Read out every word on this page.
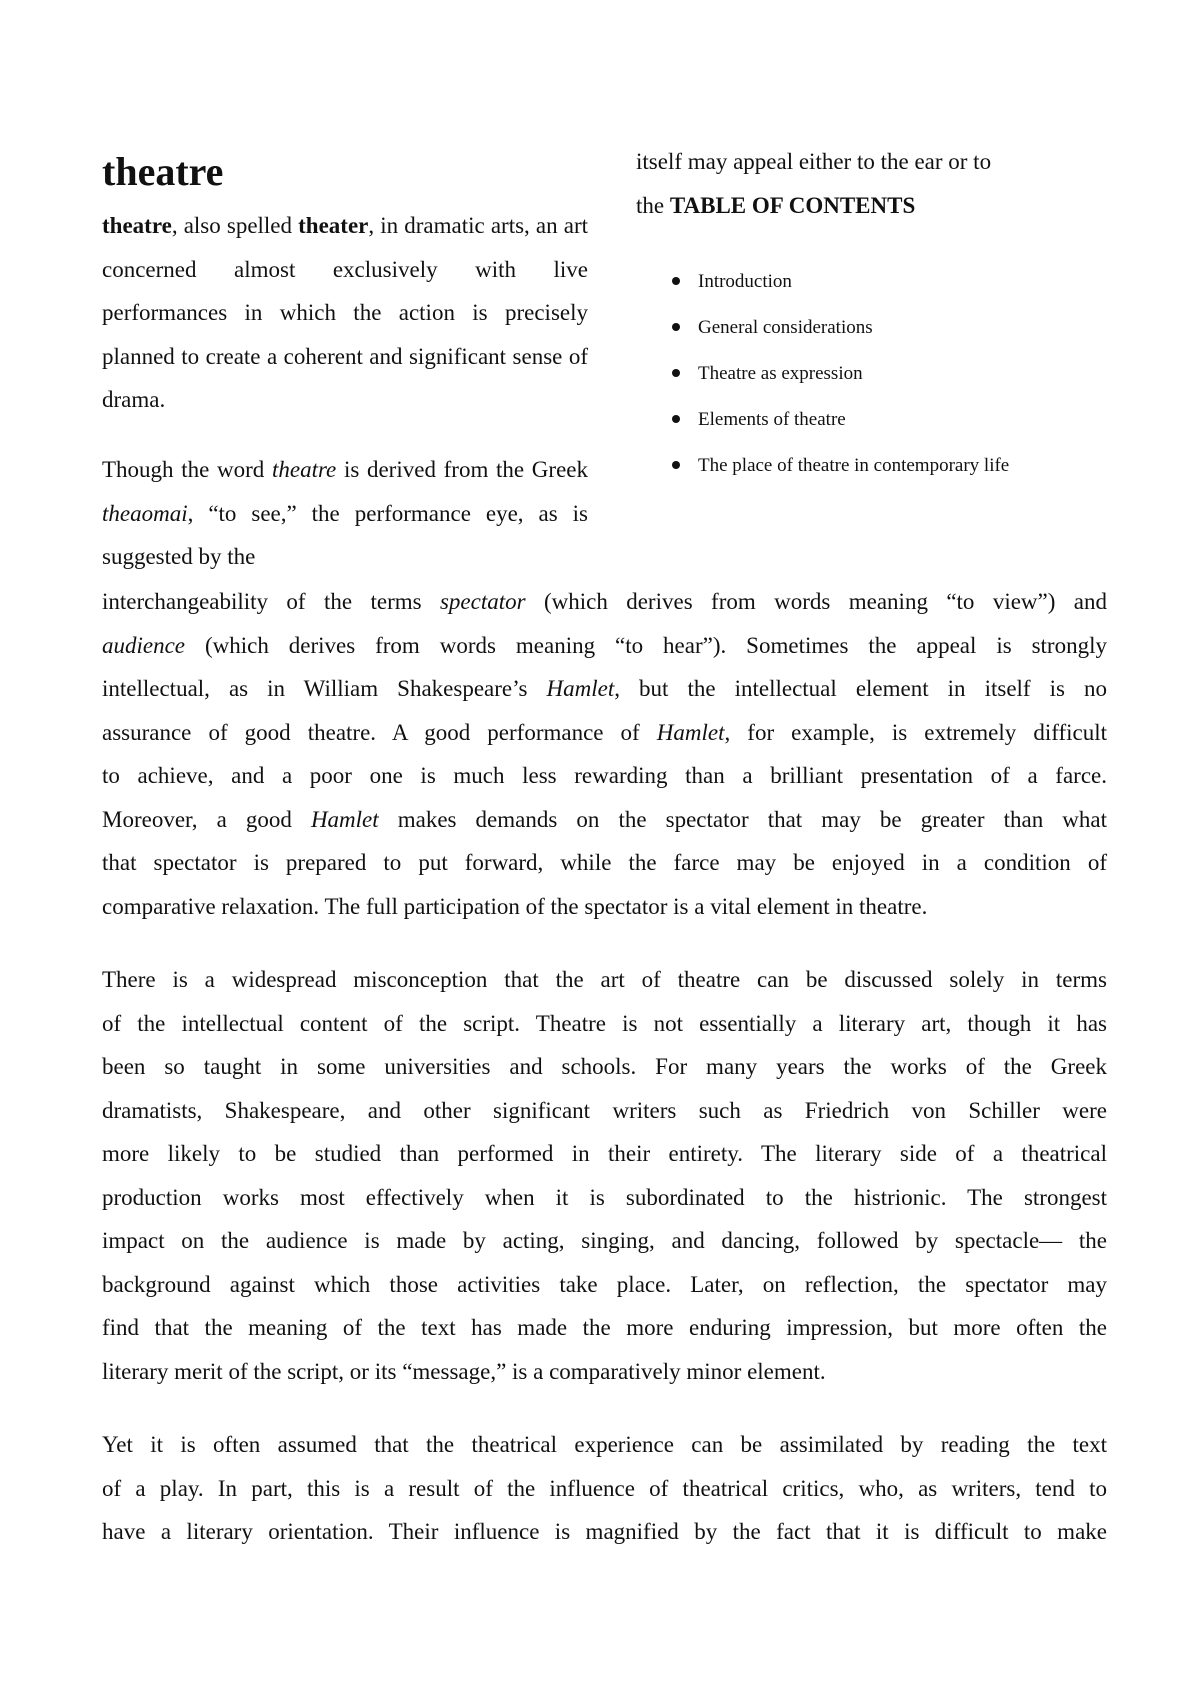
theatre
theatre, also spelled theater, in dramatic arts, an art concerned almost exclusively with live performances in which the action is precisely planned to create a coherent and significant sense of drama.
Though the word theatre is derived from the Greek theaomai, “to see,” the performance eye, as is suggested by the
itself may appeal either to the ear or to
the TABLE OF CONTENTS
Introduction
General considerations
Theatre as expression
Elements of theatre
The place of theatre in contemporary life
interchangeability of the terms spectator (which derives from words meaning “to view”) and
audience (which derives from words meaning “to hear”). Sometimes the appeal is strongly
intellectual, as in William Shakespeare’s Hamlet, but the intellectual element in itself is no
assurance of good theatre. A good performance of Hamlet, for example, is extremely difficult
to achieve, and a poor one is much less rewarding than a brilliant presentation of a farce.
Moreover, a good Hamlet makes demands on the spectator that may be greater than what
that spectator is prepared to put forward, while the farce may be enjoyed in a condition of
comparative relaxation. The full participation of the spectator is a vital element in theatre.
There is a widespread misconception that the art of theatre can be discussed solely in terms
of the intellectual content of the script. Theatre is not essentially a literary art, though it has
been so taught in some universities and schools. For many years the works of the Greek
dramatists, Shakespeare, and other significant writers such as Friedrich von Schiller were
more likely to be studied than performed in their entirety. The literary side of a theatrical
production works most effectively when it is subordinated to the histrionic. The strongest
impact on the audience is made by acting, singing, and dancing, followed by spectacle— the
background against which those activities take place. Later, on reflection, the spectator may
find that the meaning of the text has made the more enduring impression, but more often the
literary merit of the script, or its “message,” is a comparatively minor element.
Yet it is often assumed that the theatrical experience can be assimilated by reading the text
of a play. In part, this is a result of the influence of theatrical critics, who, as writers, tend to
have a literary orientation. Their influence is magnified by the fact that it is difficult to make
